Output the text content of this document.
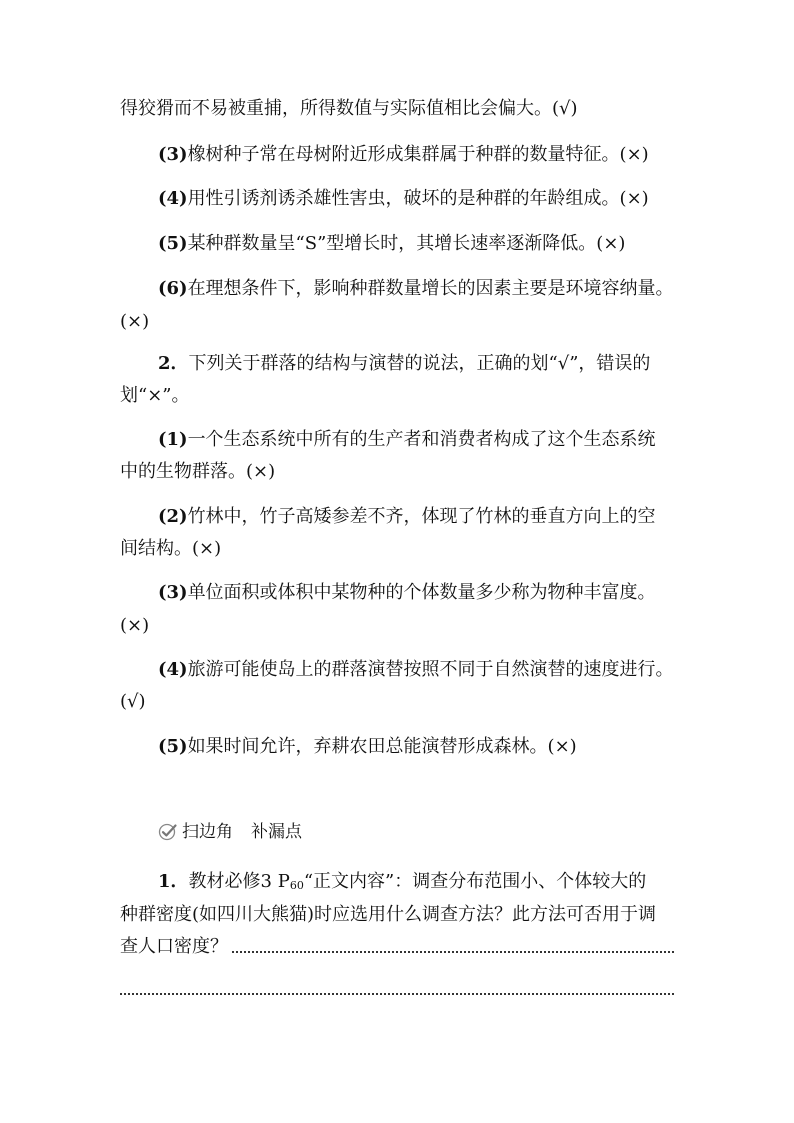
得狡猾而不易被重捕，所得数值与实际值相比会偏大。(√)
(3)橡树种子常在母树附近形成集群属于种群的数量特征。(×)
(4)用性引诱剂诱杀雄性害虫，破坏的是种群的年龄组成。(×)
(5)某种群数量呈“S”型增长时，其增长速率逐渐降低。(×)
(6)在理想条件下，影响种群数量增长的因素主要是环境容纳量。
(×)
2．下列关于群落的结构与演替的说法，正确的划“√”，错误的
划“×”。
(1)一个生态系统中所有的生产者和消费者构成了这个生态系统
中的生物群落。(×)
(2)竹林中，竹子高矮参差不齐，体现了竹林的垂直方向上的空
间结构。(×)
(3)单位面积或体积中某物种的个体数量多少称为物种丰富度。
(×)
(4)旅游可能使岛上的群落演替按照不同于自然演替的速度进行。
(√)
(5)如果时间允许，弃耕农田总能演替形成森林。(×)
扫边角 补漏点
1．教材必修3 $P_{60}“$正文内容”：调查分布范围小、个体较大的
种群密度(如四川大熊猫)时应选用什么调查方法？此方法可否用于调
查人口密度？
